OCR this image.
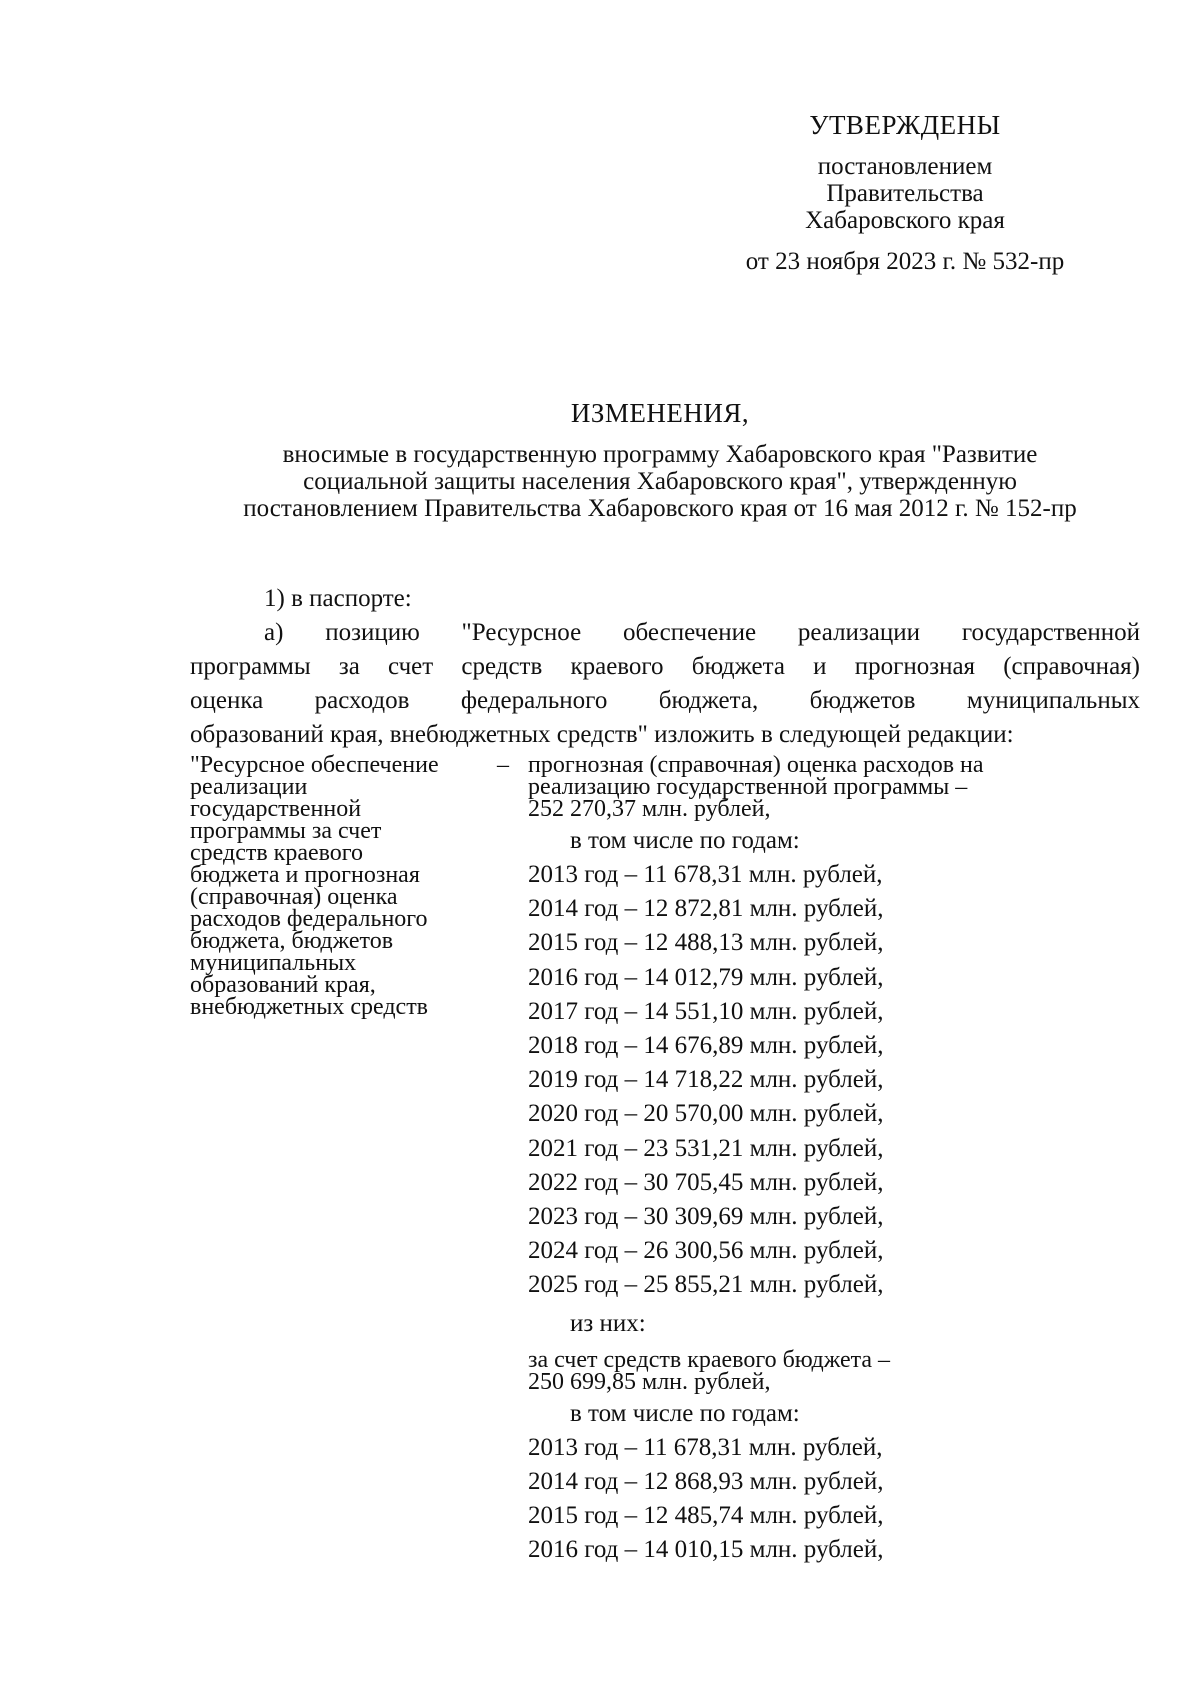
УТВЕРЖДЕНЫ
постановлением
Правительства
Хабаровского края
от 23 ноября 2023 г. № 532-пр
ИЗМЕНЕНИЯ,
вносимые в государственную программу Хабаровского края "Развитие
социальной защиты населения Хабаровского края", утвержденную
постановлением Правительства Хабаровского края от 16 мая 2012 г. № 152-пр

1) в паспорте:

а) позицию "Ресурсное обеспечение реализации государственной

программы за счет средств краевого бюджета и прогнозная (справочная)

оценка расходов федерального бюджета, бюджетов муниципальных

образований края, внебюджетных средств" изложить в следующей редакции:

"Ресурсное обеспечение
реализации
государственной
программы за счет
средств краевого
бюджета и прогнозная
(справочная) оценка
расходов федерального
бюджета, бюджетов
муниципальных
образований края,
внебюджетных средств
– прогнозная (справочная) оценка расходов на
реализацию государственной программы –
252 270,37 млн. рублей,
в том числе по годам:
2013 год – 11 678,31 млн. рублей,
2014 год – 12 872,81 млн. рублей,
2015 год – 12 488,13 млн. рублей,
2016 год – 14 012,79 млн. рублей,
2017 год – 14 551,10 млн. рублей,
2018 год – 14 676,89 млн. рублей,
2019 год – 14 718,22 млн. рублей,
2020 год – 20 570,00 млн. рублей,
2021 год – 23 531,21 млн. рублей,
2022 год – 30 705,45 млн. рублей,
2023 год – 30 309,69 млн. рублей,
2024 год – 26 300,56 млн. рублей,
2025 год – 25 855,21 млн. рублей,
из них:
за счет средств краевого бюджета –
250 699,85 млн. рублей,
в том числе по годам:
2013 год – 11 678,31 млн. рублей,
2014 год – 12 868,93 млн. рублей,
2015 год – 12 485,74 млн. рублей,
2016 год – 14 010,15 млн. рублей,
